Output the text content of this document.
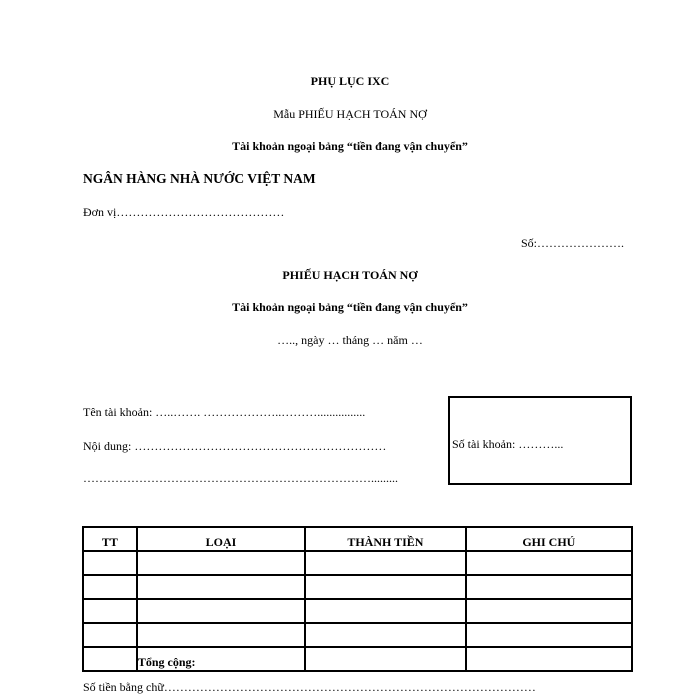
PHỤ LỤC IXC
Mẫu PHIẾU HẠCH TOÁN NỢ
Tài khoản ngoại bảng “tiền đang vận chuyển”
NGÂN HÀNG NHÀ NƯỚC VIỆT NAM
Đơn vị……………………………………
Số:………………….
PHIẾU HẠCH TOÁN NỢ
Tài khoản ngoại bảng “tiền đang vận chuyển”
….., ngày … tháng … năm …
Tên tài khoản: …..……. ………………..………................
Nội dung: ………………………………………………………
……………………………………………………………….........
Số tài khoản: ………...
TT	LOẠI	THÀNH TIỀN	GHI CHÚ

	Tổng cộng:		
Số tiền bằng chữ…………………………………………………………………………………
